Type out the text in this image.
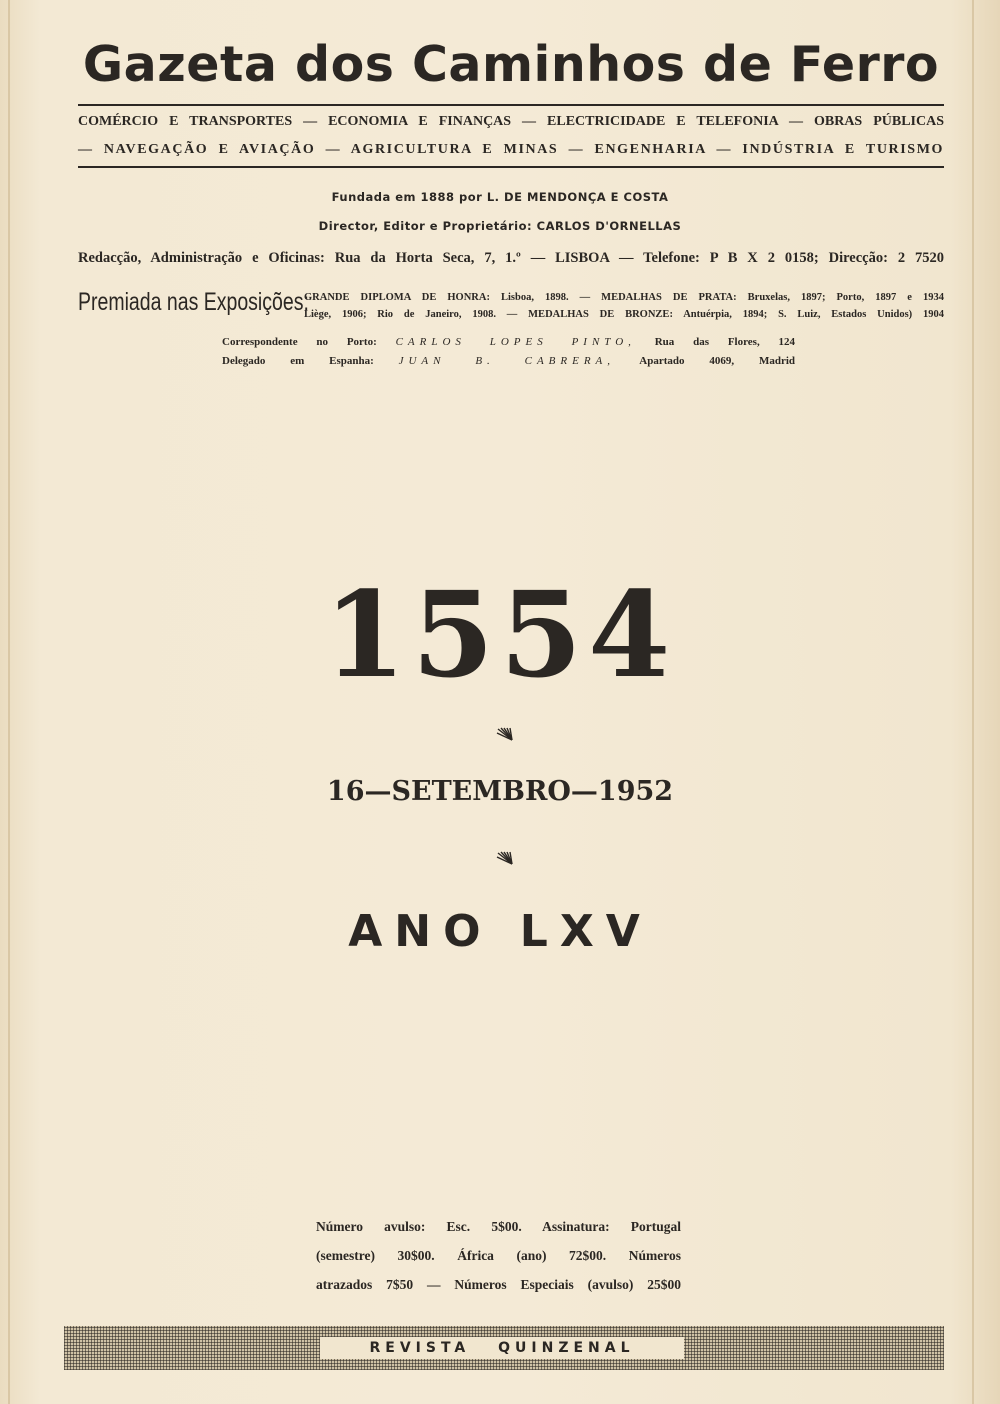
Gazeta dos Caminhos de Ferro
COMÉRCIO E TRANSPORTES — ECONOMIA E FINANÇAS — ELECTRICIDADE E TELEFONIA — OBRAS PÚBLICAS
— NAVEGAÇÃO E AVIAÇÃO — AGRICULTURA E MINAS — ENGENHARIA — INDÚSTRIA E TURISMO
Fundada em 1888 por L. DE MENDONÇA E COSTA
Director, Editor e Proprietário: CARLOS D'ORNELLAS
Redacção, Administração e Oficinas: Rua da Horta Seca, 7, 1.º — LISBOA — Telefone: P B X 2 0158; Direcção: 2 7520
Premiada nas Exposições:
GRANDE DIPLOMA DE HONRA: Lisboa, 1898. — MEDALHAS DE PRATA: Bruxelas, 1897; Porto, 1897 e 1934
Liège, 1906; Rio de Janeiro, 1908. — MEDALHAS DE BRONZE: Antuérpia, 1894; S. Luiz, Estados Unidos) 1904
Correspondente no Porto: CARLOS LOPES PINTO, Rua das Flores, 124
Delegado em Espanha: JUAN B. CABRERA, Apartado 4069, Madrid
1554
16—SETEMBRO—1952
ANO LXV
Número avulso: Esc. 5$00. Assinatura: Portugal
(semestre) 30$00. África (ano) 72$00. Números
atrazados 7$50 — Números Especiais (avulso) 25$00
REVISTA QUINZENAL
